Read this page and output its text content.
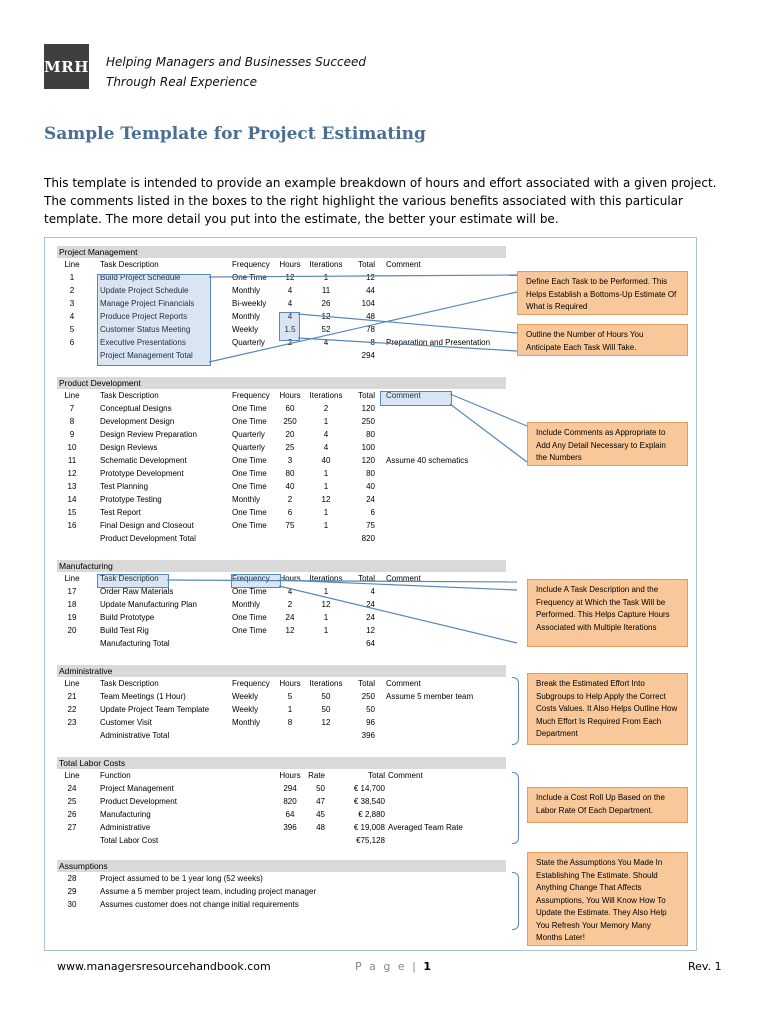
MRH Helping Managers and Businesses Succeed
Through Real Experience
Sample Template for Project Estimating
This template is intended to provide an example breakdown of hours and effort associated with a given project. The comments listed in the boxes to the right highlight the various benefits associated with this particular template. The more detail you put into the estimate, the better your estimate will be.
Project Management
Line	Task Description	Frequency Hours	Iterations	Total Comment
1	Build Project Schedule	One Time	12	1	12
2	Update Project Schedule	Monthly	4	11	44
3	Manage Project Financials	Bi-weekly	4	26	104
4	Produce Project Reports	Monthly	4	12	48
5	Customer Status Meeting	Weekly	1.5	52	78
6	Executive Presentations	Quarterly	2	4	8 Preparation and Presentation
Project Management Total	294
Product Development
Line	Task Description	Frequency Hours	Iterations	Total Comment
7	Conceptual Designs	One Time	60	2	120
8	Development Design	One Time	250	1	250
9	Design Review Preparation	Quarterly	20	4	80
10	Design Reviews	Quarterly	25	4	100
11	Schematic Development	One Time	3	40	120 Assume 40 schematics
12	Prototype Development	One Time	80	1	80
13	Test Planning	One Time	40	1	40
14	Prototype Testing	Monthly	2	12	24
15	Test Report	One Time	6	1	6
16	Final Design and Closeout	One Time	75	1	75
Product Development Total	820
Manufacturing
Line	Task Description	Frequency Hours	Iterations	Total Comment
17	Order Raw Materials	One Time	4	1	4
18	Update Manufacturing Plan	Monthly	2	12	24
19	Build Prototype	One Time	24	1	24
20	Build Test Rig	One Time	12	1	12
Manufacturing Total	64
Administrative
Line	Task Description	Frequency Hours	Iterations	Total Comment
21	Team Meetings (1 Hour)	Weekly	5	50	250 Assume 5 member team
22	Update Project Team Template	Weekly	1	50	50
23	Customer Visit	Monthly	8	12	96
Administrative Total	396
Total Labor Costs
Line	Function	Hours Rate	Total Comment
24	Project Management	294	50	€ 14,700
25	Product Development	820	47	€ 38,540
26	Manufacturing	64	45	€ 2,880
27	Administrative	396	48	€ 19,008 Averaged Team Rate
Total Labor Cost	€75,128
Assumptions
28	Project assumed to be 1 year long (52 weeks)
29	Assume a 5 member project team, including project manager
30	Assumes customer does not change initial requirements
Define Each Task to be Performed. This Helps Establish a Bottoms-Up Estimate Of What is Required
Outline the Number of Hours You Anticipate Each Task Will Take.
Include Comments as Appropriate to Add Any Detail Necessary to Explain the Numbers
Include A Task Description and the Frequency at Which the Task Will be Performed. This Helps Capture Hours Associated with Multiple Iterations
Break the Estimated Effort Into Subgroups to Help Apply the Correct Costs Values. It Also Helps Outline How Much Effort Is Required From Each Department
Include a Cost Roll Up Based on the Labor Rate Of Each Department.
State the Assumptions You Made In Establishing The Estimate. Should Anything Change That Affects Assumptions, You Will Know How To Update the Estimate. They Also Help You Refresh Your Memory Many Months Later!
www.managersresourcehandbook.com	P a g e | 1	Rev. 1
